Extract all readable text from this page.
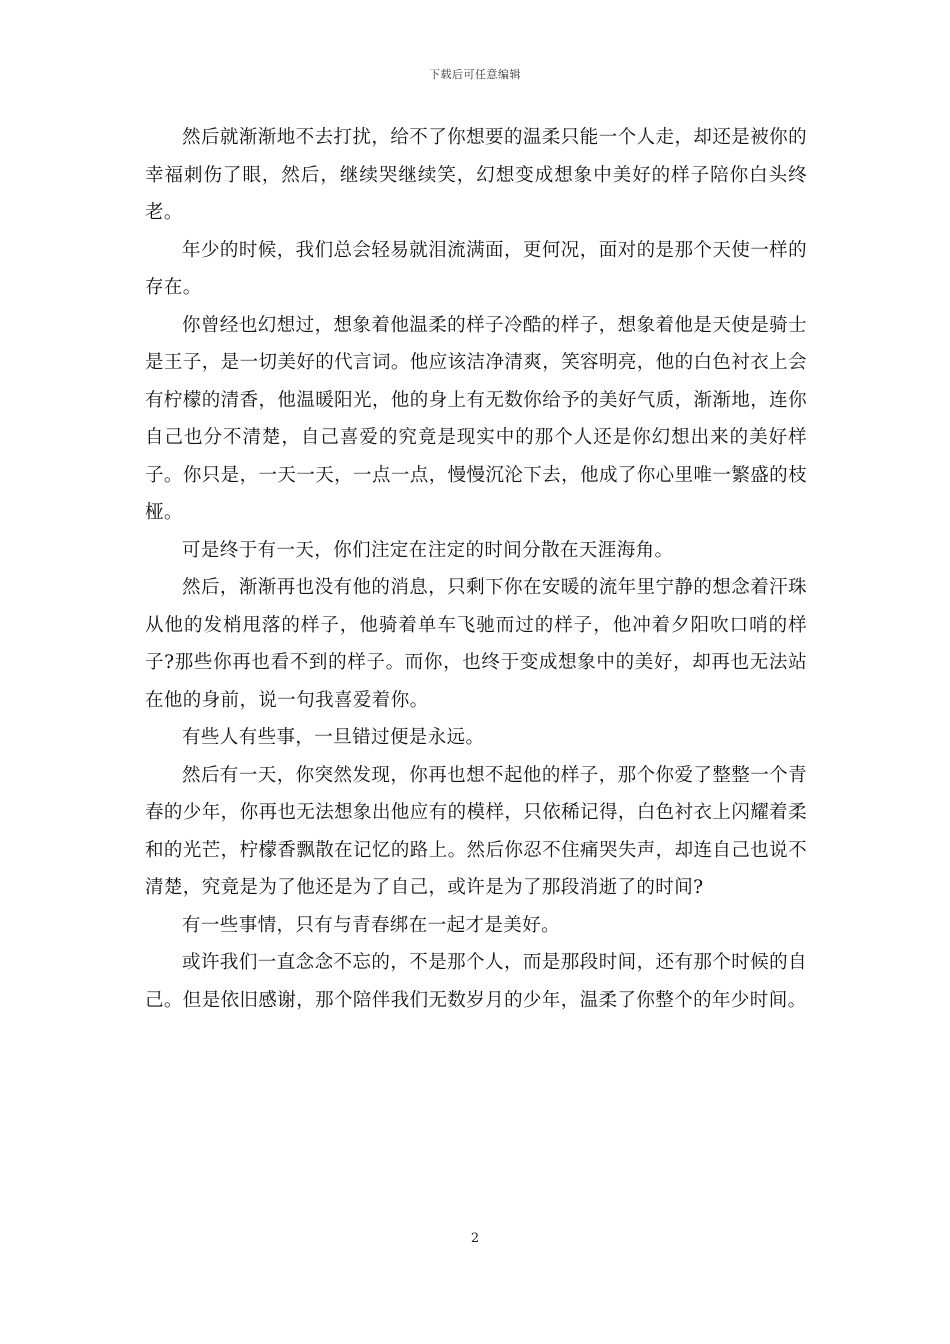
下载后可任意编辑

然后就渐渐地不去打扰，给不了你想要的温柔只能一个人走，却还是被你的幸福刺伤了眼，然后，继续哭继续笑，幻想变成想象中美好的样子陪你白头终老。

年少的时候，我们总会轻易就泪流满面，更何况，面对的是那个天使一样的存在。

你曾经也幻想过，想象着他温柔的样子冷酷的样子，想象着他是天使是骑士是王子，是一切美好的代言词。他应该洁净清爽，笑容明亮，他的白色衬衣上会有柠檬的清香，他温暖阳光，他的身上有无数你给予的美好气质，渐渐地，连你自己也分不清楚，自己喜爱的究竟是现实中的那个人还是你幻想出来的美好样子。你只是，一天一天，一点一点，慢慢沉沦下去，他成了你心里唯一繁盛的枝桠。

可是终于有一天，你们注定在注定的时间分散在天涯海角。

然后，渐渐再也没有他的消息，只剩下你在安暖的流年里宁静的想念着汗珠从他的发梢甩落的样子，他骑着单车飞驰而过的样子，他冲着夕阳吹口哨的样子?那些你再也看不到的样子。而你，也终于变成想象中的美好，却再也无法站在他的身前，说一句我喜爱着你。

有些人有些事，一旦错过便是永远。

然后有一天，你突然发现，你再也想不起他的样子，那个你爱了整整一个青春的少年，你再也无法想象出他应有的模样，只依稀记得，白色衬衣上闪耀着柔和的光芒，柠檬香飘散在记忆的路上。然后你忍不住痛哭失声，却连自己也说不清楚，究竟是为了他还是为了自己，或许是为了那段消逝了的时间?

有一些事情，只有与青春绑在一起才是美好。

或许我们一直念念不忘的，不是那个人，而是那段时间，还有那个时候的自己。但是依旧感谢，那个陪伴我们无数岁月的少年，温柔了你整个的年少时间。

2
